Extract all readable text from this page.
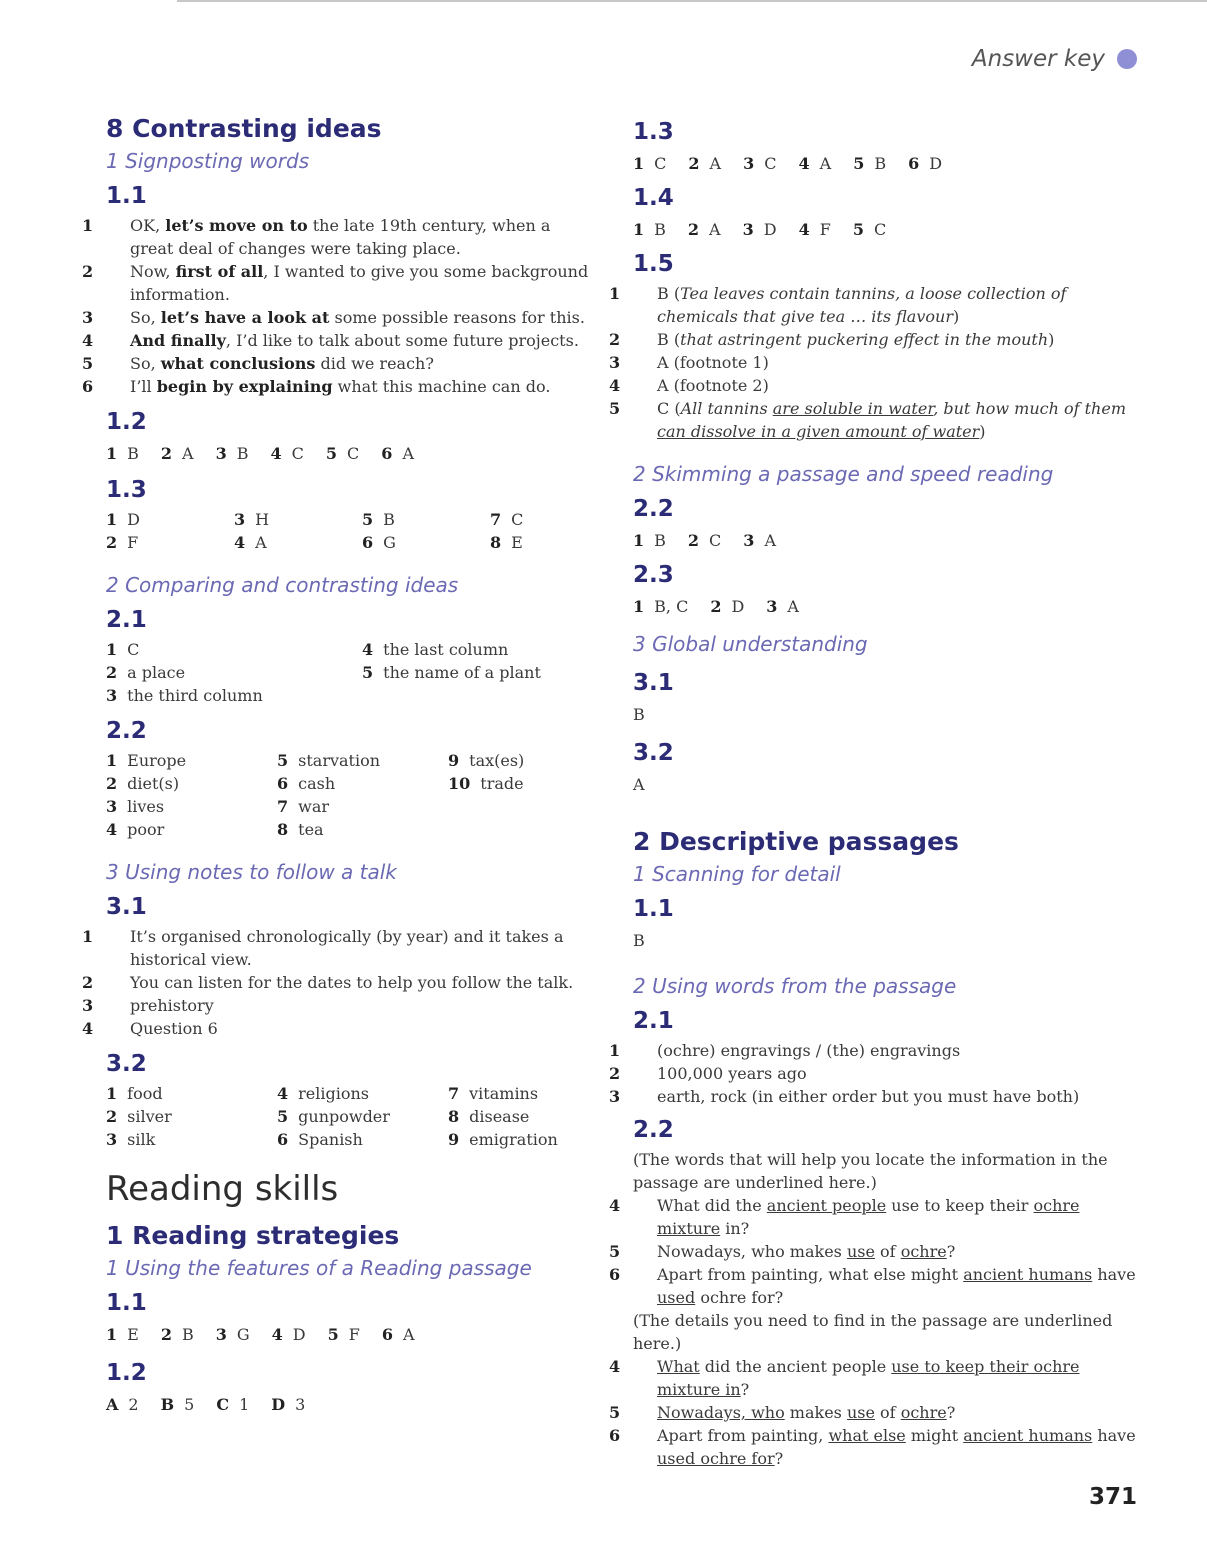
Answer key
8 Contrasting ideas
1 Signposting words
1.1
1 OK, let’s move on to the late 19th century, when a great deal of changes were taking place.
2 Now, first of all, I wanted to give you some background information.
3 So, let’s have a look at some possible reasons for this.
4 And finally, I’d like to talk about some future projects.
5 So, what conclusions did we reach?
6 I’ll begin by explaining what this machine can do.
1.2
1 B 2 A 3 B 4 C 5 C 6 A
1.3
1 D	3 H	5 B	7 C
2 F	4 A	6 G	8 E
2 Comparing and contrasting ideas
2.1
1 C	4 the last column
2 a place	5 the name of a plant
3 the third column
2.2
1 Europe	5 starvation	9 tax(es)
2 diet(s)	6 cash	10 trade
3 lives	7 war
4 poor	8 tea
3 Using notes to follow a talk
3.1
1 It’s organised chronologically (by year) and it takes a historical view.
2 You can listen for the dates to help you follow the talk.
3 prehistory
4 Question 6
3.2
1 food	4 religions	7 vitamins
2 silver	5 gunpowder	8 disease
3 silk	6 Spanish	9 emigration
Reading skills
1 Reading strategies
1 Using the features of a Reading passage
1.1
1 E 2 B 3 G 4 D 5 F 6 A
1.2
A 2 B 5 C 1 D 3
1.3
1 C 2 A 3 C 4 A 5 B 6 D
1.4
1 B 2 A 3 D 4 F 5 C
1.5
1 B (Tea leaves contain tannins, a loose collection of chemicals that give tea … its flavour)
2 B (that astringent puckering effect in the mouth)
3 A (footnote 1)
4 A (footnote 2)
5 C (All tannins are soluble in water, but how much of them can dissolve in a given amount of water)
2 Skimming a passage and speed reading
2.2
1 B 2 C 3 A
2.3
1 B, C 2 D 3 A
3 Global understanding
3.1
B
3.2
A
2 Descriptive passages
1 Scanning for detail
1.1
B
2 Using words from the passage
2.1
1 (ochre) engravings / (the) engravings
2 100,000 years ago
3 earth, rock (in either order but you must have both)
2.2
(The words that will help you locate the information in the passage are underlined here.)
4 What did the ancient people use to keep their ochre mixture in?
5 Nowadays, who makes use of ochre?
6 Apart from painting, what else might ancient humans have used ochre for?
(The details you need to find in the passage are underlined here.)
4 What did the ancient people use to keep their ochre mixture in?
5 Nowadays, who makes use of ochre?
6 Apart from painting, what else might ancient humans have used ochre for?
371
